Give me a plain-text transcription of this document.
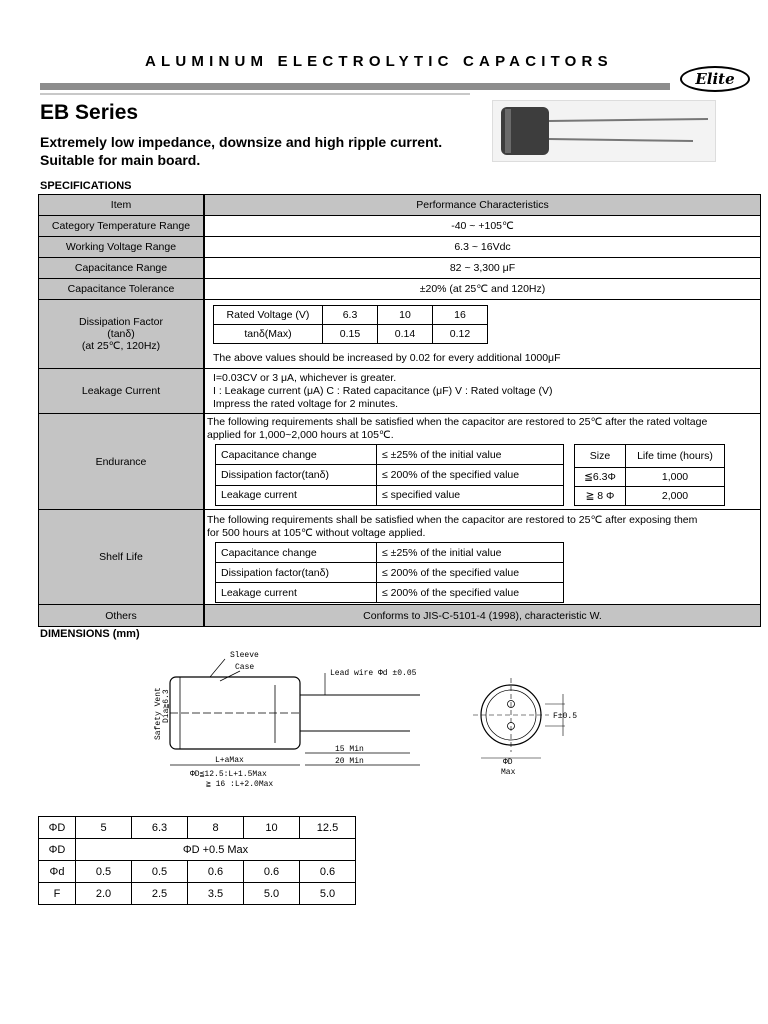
ALUMINUM ELECTROLYTIC CAPACITORS
Elite
EB Series
Extremely low impedance, downsize and high ripple current.
Suitable for main board.
SPECIFICATIONS
Item	Performance Characteristics
Category Temperature Range	-40 ~ +105℃
Working Voltage Range	6.3 ~ 16Vdc
Capacitance Range	82 ~ 3,300 μF
Capacitance Tolerance	±20% (at 25℃ and 120Hz)

Dissipation Factor
(tanδ)
(at 25℃, 120Hz)

Rated Voltage (V)	6.3	10	16
tanδ(Max)	0.15	0.14	0.12
The above values should be increased by 0.02 for every additional 1000μF

Leakage Current	
I=0.03CV or 3 μA, whichever is greater.
I : Leakage current (μA) C : Rated capacitance (μF) V : Rated voltage (V)
Impress the rated voltage for 2 minutes.

Endurance	
The following requirements shall be satisfied when the capacitor are restored to 25℃ after the rated voltage applied for 1,000~2,000 hours at 105℃.
Capacitance change	≤ ±25% of the initial value
Dissipation factor(tanδ)	≤ 200% of the specified value
Leakage current	≤ specified value
Size	Life time (hours)
≦6.3Φ	1,000
≧ 8 Φ	2,000

Shelf Life	
The following requirements shall be satisfied when the capacitor are restored to 25℃ after exposing them for 500 hours at 105℃ without voltage applied.
Capacitance change	≤ ±25% of the initial value
Dissipation factor(tanδ)	≤ 200% of the specified value
Leakage current	≤ 200% of the specified value

Others	Conforms to JIS-C-5101-4 (1998), characteristic W.
DIMENSIONS (mm)
Sleeve
Case
Lead wire Φd ±0.05
Safety Vent Dia≧6.3
L+aMax
15 Min
20 Min
ΦD≦12.5:L+1.5Max
≧ 16 :L+2.0Max
F±0.5
ΦD
Max
ΦD	5	6.3	8	10	12.5
ΦD	ΦD +0.5 Max				
Φd	0.5	0.5	0.6	0.6	0.6
F	2.0	2.5	3.5	5.0	5.0
